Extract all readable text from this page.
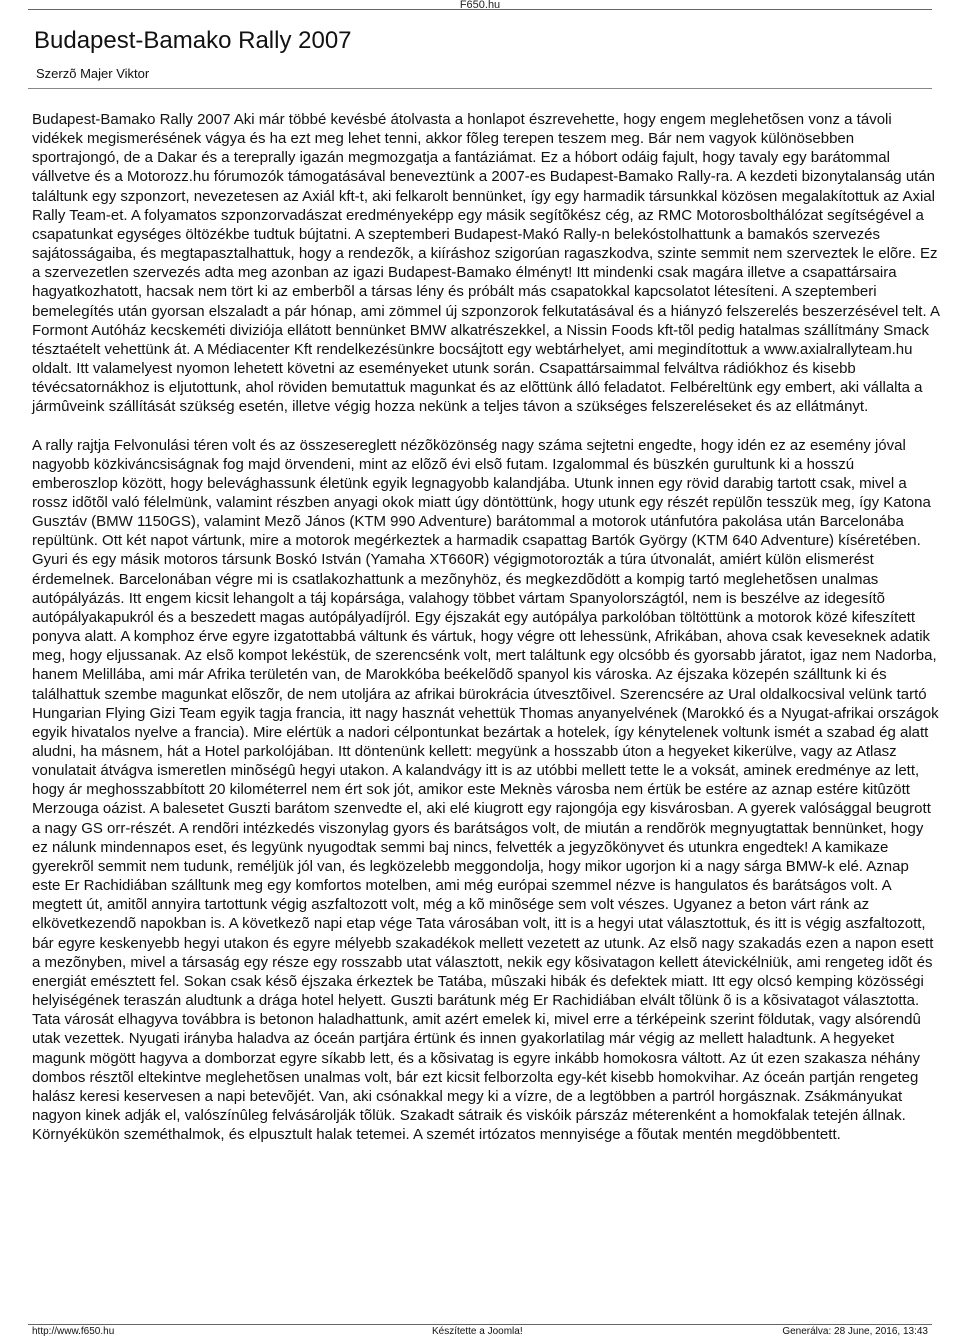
F650.hu
Budapest-Bamako Rally 2007
Szerzõ Majer Viktor

Budapest-Bamako Rally 2007 Aki már többé kevésbé átolvasta a honlapot észrevehette, hogy engem meglehetõsen vonz a távoli vidékek megismerésének vágya és ha ezt meg lehet tenni, akkor fõleg terepen teszem meg. Bár nem vagyok különösebben sportrajongó, de a Dakar és a tereprally igazán megmozgatja a fantáziámat. Ez a hóbort odáig fajult, hogy tavaly egy barátommal vállvetve és a Motorozz.hu fórumozók támogatásával beneveztünk a 2007-es Budapest-Bamako Rally-ra. A kezdeti bizonytalanság után találtunk egy szponzort, nevezetesen az Axiál kft-t, aki felkarolt bennünket, így egy harmadik társunkkal közösen megalakítottuk az Axial Rally Team-et. A folyamatos szponzorvadászat eredményeképp egy másik segítõkész cég, az RMC Motorosbolthálózat segítségével a csapatunkat egységes öltözékbe tudtuk bújtatni. A szeptemberi Budapest-Makó Rally-n belekóstolhattunk a bamakós szervezés sajátosságaiba, és megtapasztalhattuk, hogy a rendezõk, a kiíráshoz szigorúan ragaszkodva, szinte semmit nem szerveztek le elõre. Ez a szervezetlen szervezés adta meg azonban az igazi Budapest-Bamako élményt! Itt mindenki csak magára illetve a csapattársaira hagyatkozhatott, hacsak nem tört ki az emberbõl a társas lény és próbált más csapatokkal kapcsolatot létesíteni. A szeptemberi bemelegítés után gyorsan elszaladt a pár hónap, ami zömmel új szponzorok felkutatásával és a hiányzó felszerelés beszerzésével telt. A Formont Autóház kecskeméti diviziója ellátott bennünket BMW alkatrészekkel, a Nissin Foods kft-tõl pedig hatalmas szállítmány Smack tésztaételt vehettünk át. A Médiacenter Kft rendelkezésünkre bocsájtott egy webtárhelyet, ami megindítottuk a www.axialrallyteam.hu oldalt. Itt valamelyest nyomon lehetett követni az eseményeket utunk során. Csapattársaimmal felváltva rádiókhoz és kisebb tévécsatornákhoz is eljutottunk, ahol röviden bemutattuk magunkat és az elõttünk álló feladatot. Felbéreltünk egy embert, aki vállalta a jármûveink szállítását szükség esetén, illetve végig hozza nekünk a teljes távon a szükséges felszereléseket és az ellátmányt.

A rally rajtja Felvonulási téren volt és az összesereglett nézõközönség nagy száma sejtetni engedte, hogy idén ez az esemény jóval nagyobb közkiváncsiságnak fog majd örvendeni, mint az elõzõ évi elsõ futam. Izgalommal és büszkén gurultunk ki a hosszú emberoszlop között, hogy belevághassunk életünk egyik legnagyobb kalandjába. Utunk innen egy rövid darabig tartott csak, mivel a rossz idõtõl való félelmünk, valamint részben anyagi okok miatt úgy döntöttünk, hogy utunk egy részét repülõn tesszük meg, így Katona Gusztáv (BMW 1150GS), valamint Mezõ János (KTM 990 Adventure) barátommal a motorok utánfutóra pakolása után Barcelonába repültünk. Ott két napot vártunk, mire a motorok megérkeztek a harmadik csapattag Bartók György (KTM 640 Adventure) kíséretében. Gyuri és egy másik motoros társunk Boskó István (Yamaha XT660R) végigmotorozták a túra útvonalát, amiért külön elismerést érdemelnek. Barcelonában végre mi is csatlakozhattunk a mezõnyhöz, és megkezdõdött a kompig tartó meglehetõsen unalmas autópályázás. Itt engem kicsit lehangolt a táj kopársága, valahogy többet vártam Spanyolországtól, nem is beszélve az idegesítõ autópályakapukról és a beszedett magas autópályadíjról. Egy éjszakát egy autópálya parkolóban töltöttünk a motorok közé kifeszített ponyva alatt. A komphoz érve egyre izgatottabbá váltunk és vártuk, hogy végre ott lehessünk, Afrikában, ahova csak keveseknek adatik meg, hogy eljussanak. Az elsõ kompot lekéstük, de szerencsénk volt, mert találtunk egy olcsóbb és gyorsabb járatot, igaz nem Nadorba, hanem Melillába, ami már Afrika területén van, de Marokkóba beékelõdõ spanyol kis városka. Az éjszaka közepén szálltunk ki és találhattuk szembe magunkat elõszõr, de nem utoljára az afrikai bürokrácia útvesztõivel. Szerencsére az Ural oldalkocsival velünk tartó Hungarian Flying Gizi Team egyik tagja francia, itt nagy hasznát vehettük Thomas anyanyelvének (Marokkó és a Nyugat-afrikai országok egyik hivatalos nyelve a francia). Mire elértük a nadori célpontunkat bezártak a hotelek, így kénytelenek voltunk ismét a szabad ég alatt aludni, ha másnem, hát a Hotel parkolójában. Itt döntenünk kellett: megyünk a hosszabb úton a hegyeket kikerülve, vagy az Atlasz vonulatait átvágva ismeretlen minõségû hegyi utakon. A kalandvágy itt is az utóbbi mellett tette le a voksát, aminek eredménye az lett, hogy ár meghosszabbított 20 kilométerrel nem ért sok jót, amikor este Meknès városba nem értük be estére az aznap estére kitûzött Merzouga oázist. A balesetet Guszti barátom szenvedte el, aki elé kiugrott egy rajongója egy kisvárosban. A gyerek valósággal beugrott a nagy GS orr-részét. A rendõri intézkedés viszonylag gyors és barátságos volt, de miután a rendõrök megnyugtattak bennünket, hogy ez nálunk mindennapos eset, és legyünk nyugodtak semmi baj nincs, felvették a jegyzõkönyvet és utunkra engedtek! A kamikaze gyerekrõl semmit nem tudunk, reméljük jól van, és legközelebb meggondolja, hogy mikor ugorjon ki a nagy sárga BMW-k elé. Aznap este Er Rachidiában szálltunk meg egy komfortos motelben, ami még európai szemmel nézve is hangulatos és barátságos volt. A megtett út, amitõl annyira tartottunk végig aszfaltozott volt, még a kõ minõsége sem volt vészes. Ugyanez a beton várt ránk az elkövetkezendõ napokban is. A következõ napi etap vége Tata városában volt, itt is a hegyi utat választottuk, és itt is végig aszfaltozott, bár egyre keskenyebb hegyi utakon és egyre mélyebb szakadékok mellett vezetett az utunk. Az elsõ nagy szakadás ezen a napon esett a mezõnyben, mivel a társaság egy része egy rosszabb utat választott, nekik egy kõsivatagon kellett átevickélniük, ami rengeteg idõt és energiát emésztett fel. Sokan csak késõ éjszaka érkeztek be Tatába, mûszaki hibák és defektek miatt. Itt egy olcsó kemping közösségi helyiségének teraszán aludtunk a drága hotel helyett. Guszti barátunk még Er Rachidiában elvált tõlünk õ is a kõsivatagot választotta. Tata városát elhagyva továbbra is betonon haladhattunk, amit azért emelek ki, mivel erre a térképeink szerint földutak, vagy alsórendû utak vezettek. Nyugati irányba haladva az óceán partjára értünk és innen gyakorlatilag már végig az mellett haladtunk. A hegyeket magunk mögött hagyva a domborzat egyre síkabb lett, és a kõsivatag is egyre inkább homokosra váltott. Az út ezen szakasza néhány dombos résztõl eltekintve meglehetõsen unalmas volt, bár ezt kicsit felborzolta egy-két kisebb homokvihar. Az óceán partján rengeteg halász keresi keservesen a napi betevõjét. Van, aki csónakkal megy ki a vízre, de a legtöbben a partról horgásznak. Zsákmányukat nagyon kinek adják el, valószínûleg felvásárolják tõlük. Szakadt sátraik és viskóik párszáz méterenként a homokfalak tetején állnak. Környékükön szeméthalmok, és elpusztult halak tetemei. A szemét irtózatos mennyisége a fõutak mentén megdöbbentett.

http://www.f650.hu	Készítette a Joomla!	Generálva: 28 June, 2016, 13:43
